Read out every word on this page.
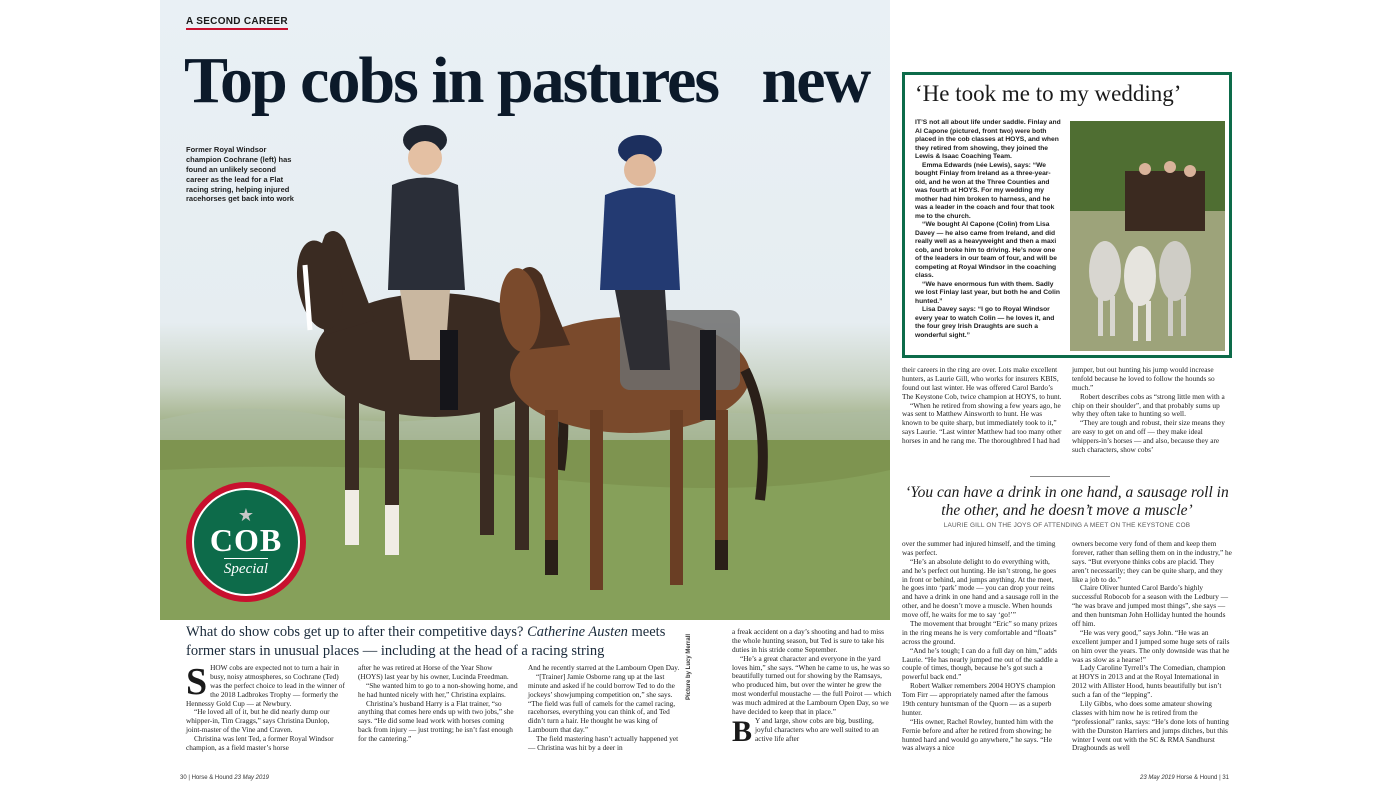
A SECOND CAREER
Top cobs in pastures   new
Former Royal Windsor champion Cochrane (left) has found an unlikely second career as the lead for a Flat racing string, helping injured racehorses get back into work
★
COB
Special
Picture by Lucy Merrall
What do show cobs get up to after their competitive days? Catherine Austen meets former stars in unusual places — including at the head of a racing string
S HOW cobs are expected not to turn a hair in busy, noisy atmospheres, so Cochrane (Ted) was the perfect choice to lead in the winner of the 2018 Ladbrokes Trophy — formerly the Hennessy Gold Cup — at Newbury.

“He loved all of it, but he did nearly dump our whipper-in, Tim Craggs,” says Christina Dunlop, joint-master of the Vine and Craven.

Christina was lent Ted, a former Royal Windsor champion, as a field master’s horse

after he was retired at Horse of the Year Show (HOYS) last year by his owner, Lucinda Freedman.

“She wanted him to go to a non-showing home, and he had hunted nicely with her,” Christina explains.

Christina’s husband Harry is a Flat trainer, “so anything that comes here ends up with two jobs,” she says. “He did some lead work with horses coming back from injury — just trotting; he isn’t fast enough for the cantering.”

And he recently starred at the Lambourn Open Day.

“[Trainer] Jamie Osborne rang up at the last minute and asked if he could borrow Ted to do the jockeys’ showjumping competition on,” she says. “The field was full of camels for the camel racing, racehorses, everything you can think of, and Ted didn’t turn a hair. He thought he was king of Lambourn that day.”

The field mastering hasn’t actually happened yet — Christina was hit by a deer in

a freak accident on a day’s shooting and had to miss the whole hunting season, but Ted is sure to take his duties in his stride come September.

“He’s a great character and everyone in the yard loves him,” she says. “When he came to us, he was so beautifully turned out for showing by the Ramsays, who produced him, but over the winter he grew the most wonderful moustache — the full Poirot — which was much admired at the Lambourn Open Day, so we have decided to keep that in place.”

B Y and large, show cobs are big, bustling, joyful characters who are well suited to an active life after

30 | Horse & Hound 23 May 2019
‘He took me to my wedding’

IT’S not all about life under saddle. Finlay and Al Capone (pictured, front two) were both placed in the cob classes at HOYS, and when they retired from showing, they joined the Lewis & Isaac Coaching Team.

Emma Edwards (née Lewis), says: “We bought Finlay from Ireland as a three-year-old, and he won at the Three Counties and was fourth at HOYS. For my wedding my mother had him broken to harness, and he was a leader in the coach and four that took me to the church.

“We bought Al Capone (Colin) from Lisa Davey — he also came from Ireland, and did really well as a heavyweight and then a maxi cob, and broke him to driving. He’s now one of the leaders in our team of four, and will be competing at Royal Windsor in the coaching class.

“We have enormous fun with them. Sadly we lost Finlay last year, but both he and Colin hunted.”

Lisa Davey says: “I go to Royal Windsor every year to watch Colin — he loves it, and the four grey Irish Draughts are such a wonderful sight.”

their careers in the ring are over. Lots make excellent hunters, as Laurie Gill, who works for insurers KBIS, found out last winter. He was offered Carol Bardo’s The Keystone Cob, twice champion at HOYS, to hunt.

“When he retired from showing a few years ago, he was sent to Matthew Ainsworth to hunt. He was known to be quite sharp, but immediately took to it,” says Laurie. “Last winter Matthew had too many other horses in and he rang me. The thoroughbred I had had

jumper, but out hunting his jump would increase tenfold because he loved to follow the hounds so much.”

Robert describes cobs as “strong little men with a chip on their shoulder”, and that probably sums up why they often take to hunting so well.

“They are tough and robust, their size means they are easy to get on and off — they make ideal whippers-in’s horses — and also, because they are such characters, show cobs’

‘You can have a drink in one hand, a sausage roll in the other, and he doesn’t move a muscle’
LAURIE GILL ON THE JOYS OF ATTENDING A MEET ON THE KEYSTONE COB

over the summer had injured himself, and the timing was perfect.

“He’s an absolute delight to do everything with, and he’s perfect out hunting. He isn’t strong, he goes in front or behind, and jumps anything. At the meet, he goes into ‘park’ mode — you can drop your reins and have a drink in one hand and a sausage roll in the other, and he doesn’t move a muscle. When hounds move off, he waits for me to say ‘go!’”

The movement that brought “Eric” so many prizes in the ring means he is very comfortable and “floats” across the ground.

“And he’s tough; I can do a full day on him,” adds Laurie. “He has nearly jumped me out of the saddle a couple of times, though, because he’s got such a powerful back end.”

Robert Walker remembers 2004 HOYS champion Tom Firr — appropriately named after the famous 19th century huntsman of the Quorn — as a superb hunter.

“His owner, Rachel Rowley, hunted him with the Fernie before and after he retired from showing; he hunted hard and would go anywhere,” he says. “He was always a nice

owners become very fond of them and keep them forever, rather than selling them on in the industry,” he says. “But everyone thinks cobs are placid. They aren’t necessarily; they can be quite sharp, and they like a job to do.”

Claire Oliver hunted Carol Bardo’s highly successful Robocob for a season with the Ledbury — “he was brave and jumped most things”, she says — and then huntsman John Holliday hunted the hounds off him.

“He was very good,” says John. “He was an excellent jumper and I jumped some huge sets of rails on him over the years. The only downside was that he was as slow as a hearse!”

Lady Caroline Tyrrell’s The Comedian, champion at HOYS in 2013 and at the Royal International in 2012 with Allister Hood, hunts beautifully but isn’t such a fan of the “lepping”.

Lily Gibbs, who does some amateur showing classes with him now he is retired from the “professional” ranks, says: “He’s done lots of hunting with the Dunston Harriers and jumps ditches, but this winter I went out with the SC & RMA Sandhurst Draghounds as well

23 May 2019 Horse & Hound | 31
